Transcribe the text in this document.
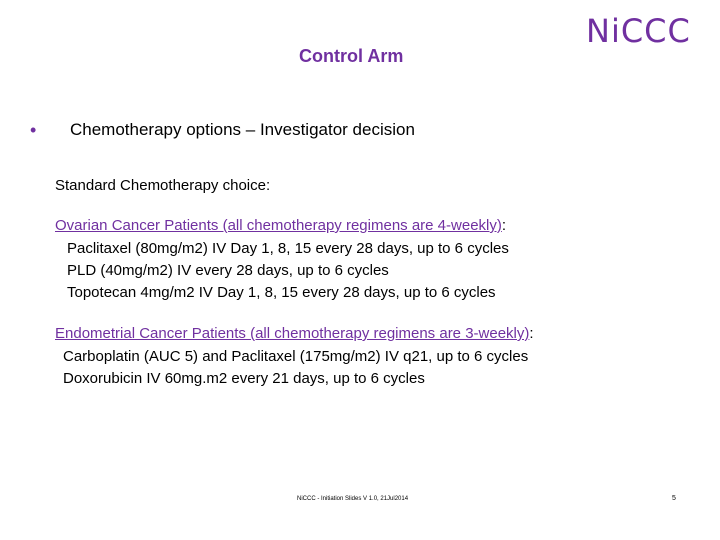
Control Arm
NiCCC
• Chemotherapy options – Investigator decision
Standard Chemotherapy choice:
Ovarian Cancer Patients (all chemotherapy regimens are 4-weekly):
Paclitaxel (80mg/m2) IV Day 1, 8, 15 every 28 days, up to 6 cycles
PLD (40mg/m2) IV every 28 days, up to 6 cycles
Topotecan 4mg/m2 IV Day 1, 8, 15 every 28 days, up to 6 cycles
Endometrial Cancer Patients (all chemotherapy regimens are 3-weekly):
Carboplatin (AUC 5) and Paclitaxel (175mg/m2) IV q21, up to 6 cycles
Doxorubicin IV 60mg.m2 every 21 days, up to 6 cycles
NiCCC - Initiation Slides V 1.0, 21Jul2014	5
